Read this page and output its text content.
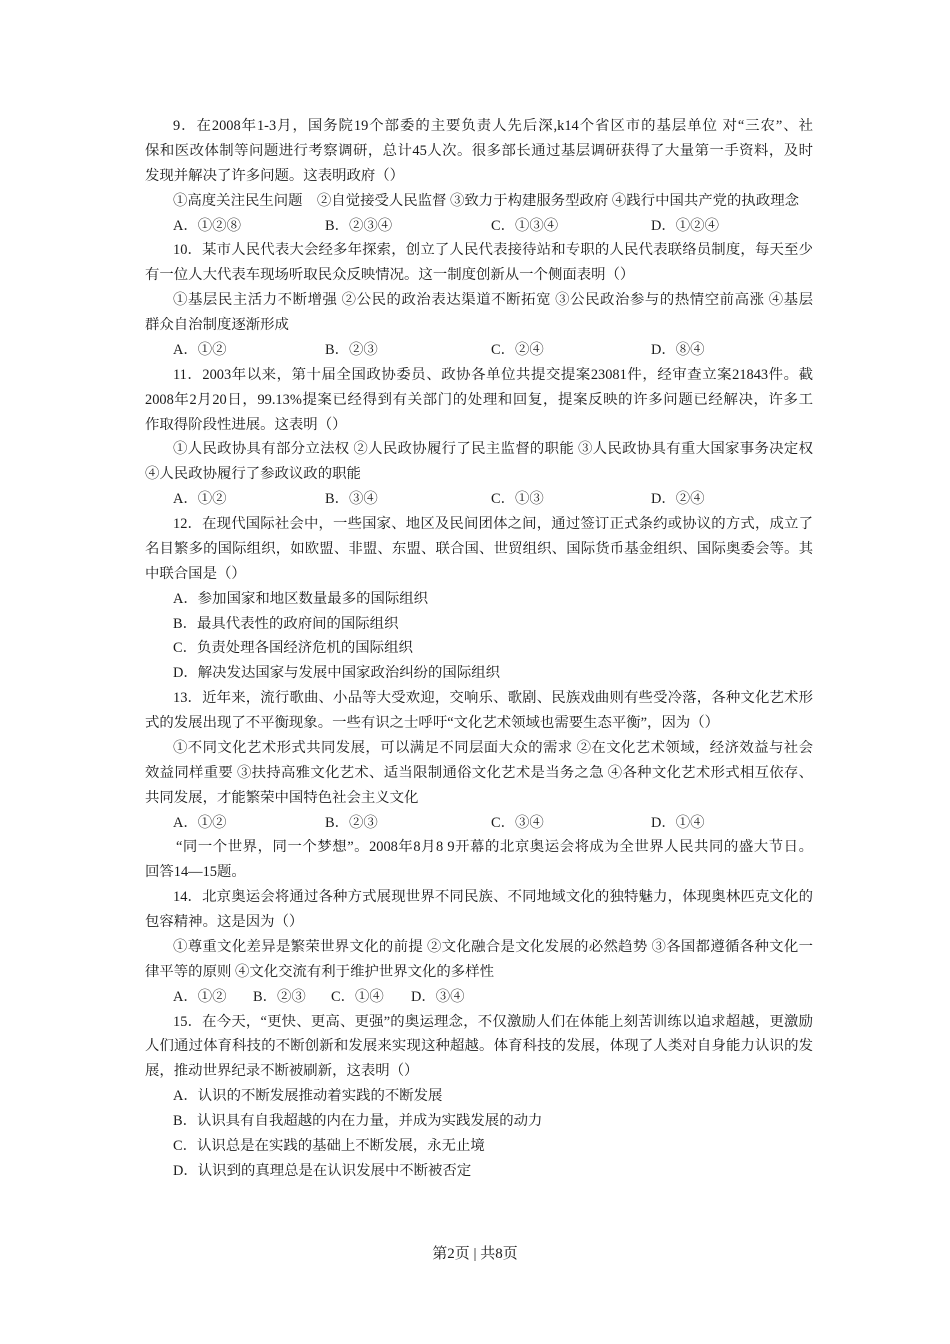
9．在2008年1-3月，国务院19个部委的主要负责人先后深,k14个省区市的基层单位 对“三农”、社
保和医改体制等问题进行考察调研，总计45人次。很多部长通过基层调研获得了大量第一手资料，及时
发现并解决了许多问题。这表明政府（）
①高度关注民生问题　②自觉接受人民监督 ③致力于构建服务型政府 ④践行中国共产党的执政理念
A．①②⑧	B．②③④	C．①③④	D．①②④
10．某市人民代表大会经多年探索，创立了人民代表接待站和专职的人民代表联络员制度，每天至少
有一位人大代表车现场听取民众反映情况。这一制度创新从一个侧面表明（）
①基层民主活力不断增强 ②公民的政治表达渠道不断拓宽 ③公民政治参与的热情空前高涨 ④基层
群众自治制度逐渐形成
A．①②	B．②③	C．②④	D．⑧④
11．2003年以来，第十届全国政协委员、政协各单位共提交提案23081件，经审查立案21843件。截
2008年2月20日，99.13%提案已经得到有关部门的处理和回复，提案反映的许多问题已经解决，许多工
作取得阶段性进展。这表明（）
①人民政协具有部分立法权 ②人民政协履行了民主监督的职能 ③人民政协具有重大国家事务决定权
④人民政协履行了参政议政的职能
A．①②	B．③④	C．①③	D．②④
12．在现代国际社会中，一些国家、地区及民间团体之间，通过签订正式条约或协议的方式，成立了
名目繁多的国际组织，如欧盟、非盟、东盟、联合国、世贸组织、国际货币基金组织、国际奥委会等。其
中联合国是（）
A．参加国家和地区数量最多的国际组织
B．最具代表性的政府间的国际组织
C．负责处理各国经济危机的国际组织
D．解决发达国家与发展中国家政治纠纷的国际组织
13．近年来，流行歌曲、小品等大受欢迎，交响乐、歌剧、民族戏曲则有些受冷落，各种文化艺术形
式的发展出现了不平衡现象。一些有识之士呼吁“文化艺术领域也需要生态平衡”，因为（）
①不同文化艺术形式共同发展，可以满足不同层面大众的需求 ②在文化艺术领域，经济效益与社会
效益同样重要 ③扶持高雅文化艺术、适当限制通俗文化艺术是当务之急 ④各种文化艺术形式相互依存、
共同发展，才能繁荣中国特色社会主义文化
A．①②	B．②③	C．③④	D．①④
“同一个世界，同一个梦想”。2008年8月8 9开幕的北京奥运会将成为全世界人民共同的盛大节日。
回答14—15题。
14．北京奥运会将通过各种方式展现世界不同民族、不同地域文化的独特魅力，体现奥林匹克文化的
包容精神。这是因为（）
①尊重文化差异是繁荣世界文化的前提 ②文化融合是文化发展的必然趋势 ③各国都遵循各种文化一
律平等的原则 ④文化交流有利于维护世界文化的多样性
A．①② B．②③ C．①④ D．③④
15．在今天，“更快、更高、更强”的奥运理念，不仅激励人们在体能上刻苦训练以追求超越，更激励
人们通过体育科技的不断创新和发展来实现这种超越。体育科技的发展，体现了人类对自身能力认识的发
展，推动世界纪录不断被刷新，这表明（）
A．认识的不断发展推动着实践的不断发展
B．认识具有自我超越的内在力量，并成为实践发展的动力
C．认识总是在实践的基础上不断发展，永无止境
D．认识到的真理总是在认识发展中不断被否定
第2页 | 共8页
